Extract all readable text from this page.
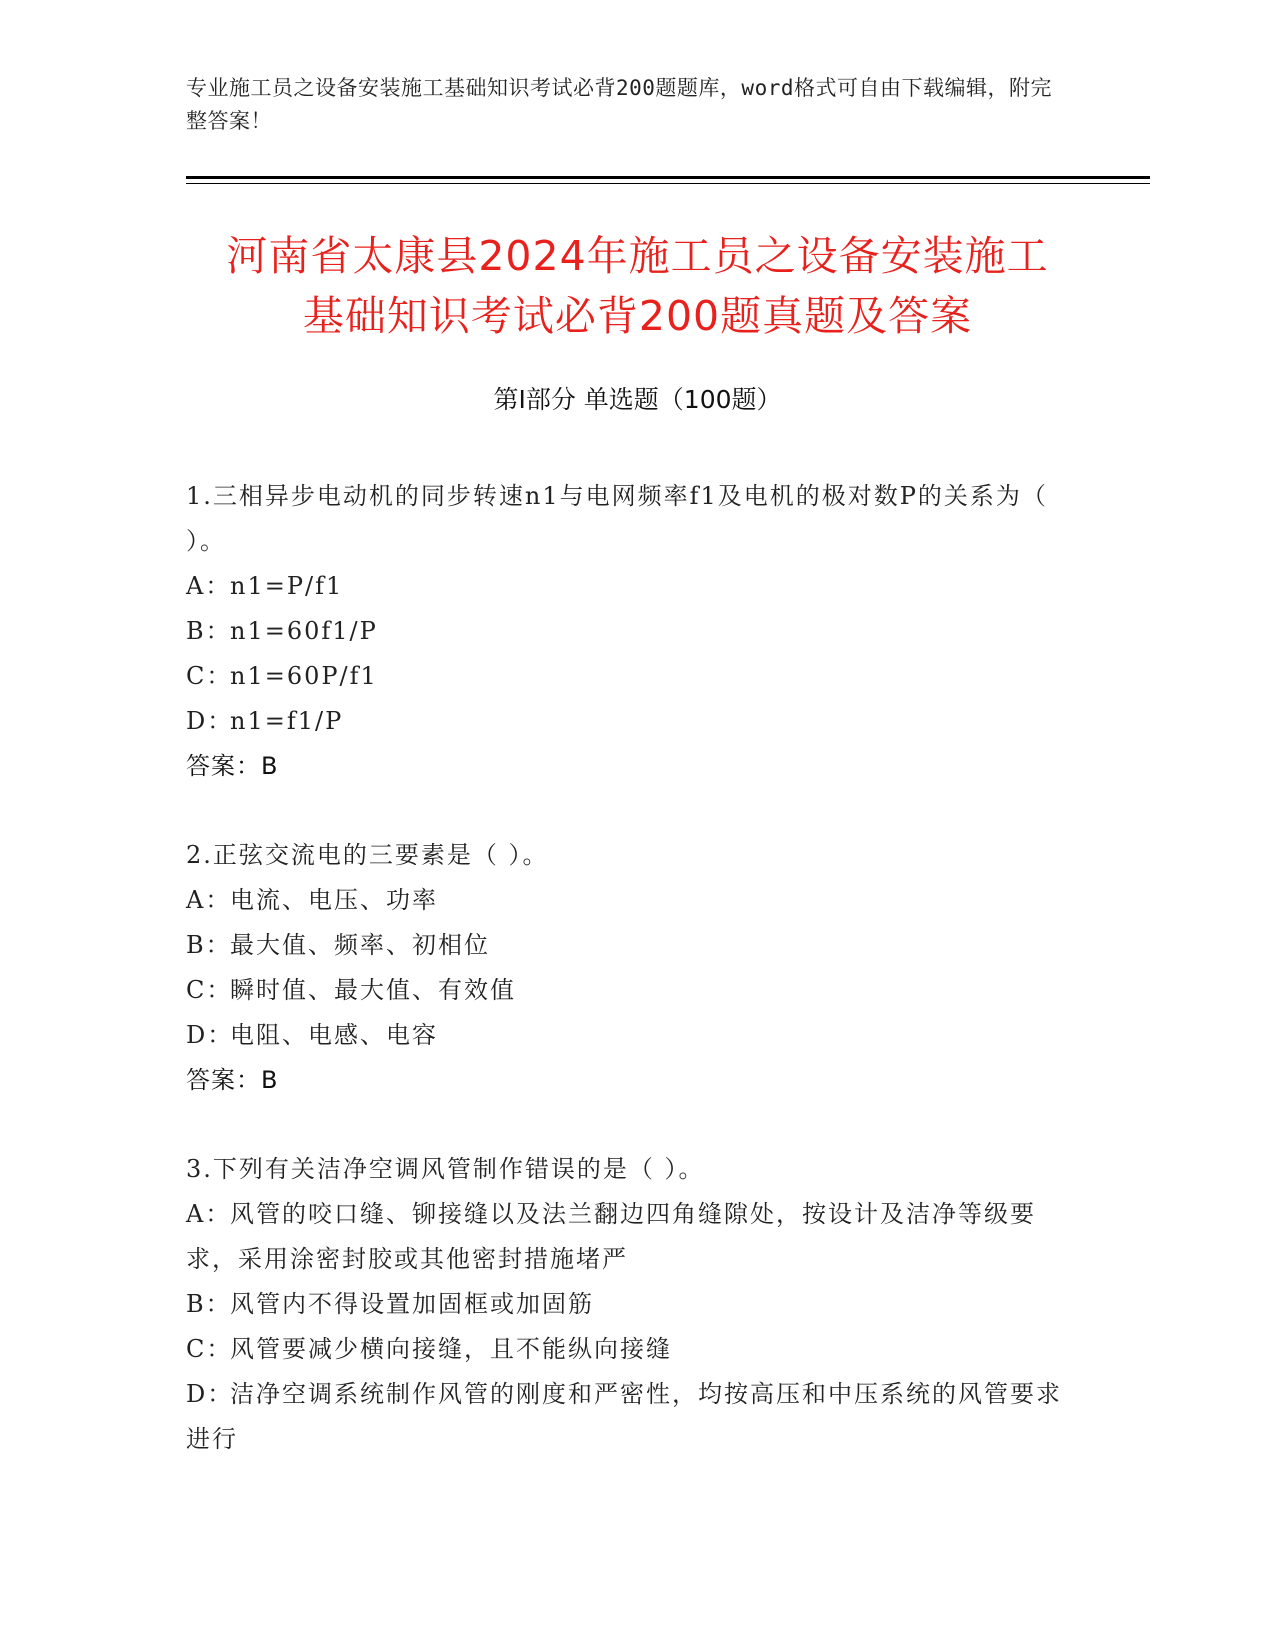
专业施工员之设备安装施工基础知识考试必背200题题库，word格式可自由下载编辑，附完整答案！
河南省太康县2024年施工员之设备安装施工
基础知识考试必背200题真题及答案
第I部分 单选题（100题）
1.三相异步电动机的同步转速n1与电网频率f1及电机的极对数P的关系为（ ）。
A：n1=P/f1
B：n1=60f1/P
C：n1=60P/f1
D：n1=f1/P
答案：B
2.正弦交流电的三要素是（ ）。
A：电流、电压、功率
B：最大值、频率、初相位
C：瞬时值、最大值、有效值
D：电阻、电感、电容
答案：B
3.下列有关洁净空调风管制作错误的是（ ）。
A：风管的咬口缝、铆接缝以及法兰翻边四角缝隙处，按设计及洁净等级要求，采用涂密封胶或其他密封措施堵严
B：风管内不得设置加固框或加固筋
C：风管要减少横向接缝，且不能纵向接缝
D：洁净空调系统制作风管的刚度和严密性，均按高压和中压系统的风管要求进行
